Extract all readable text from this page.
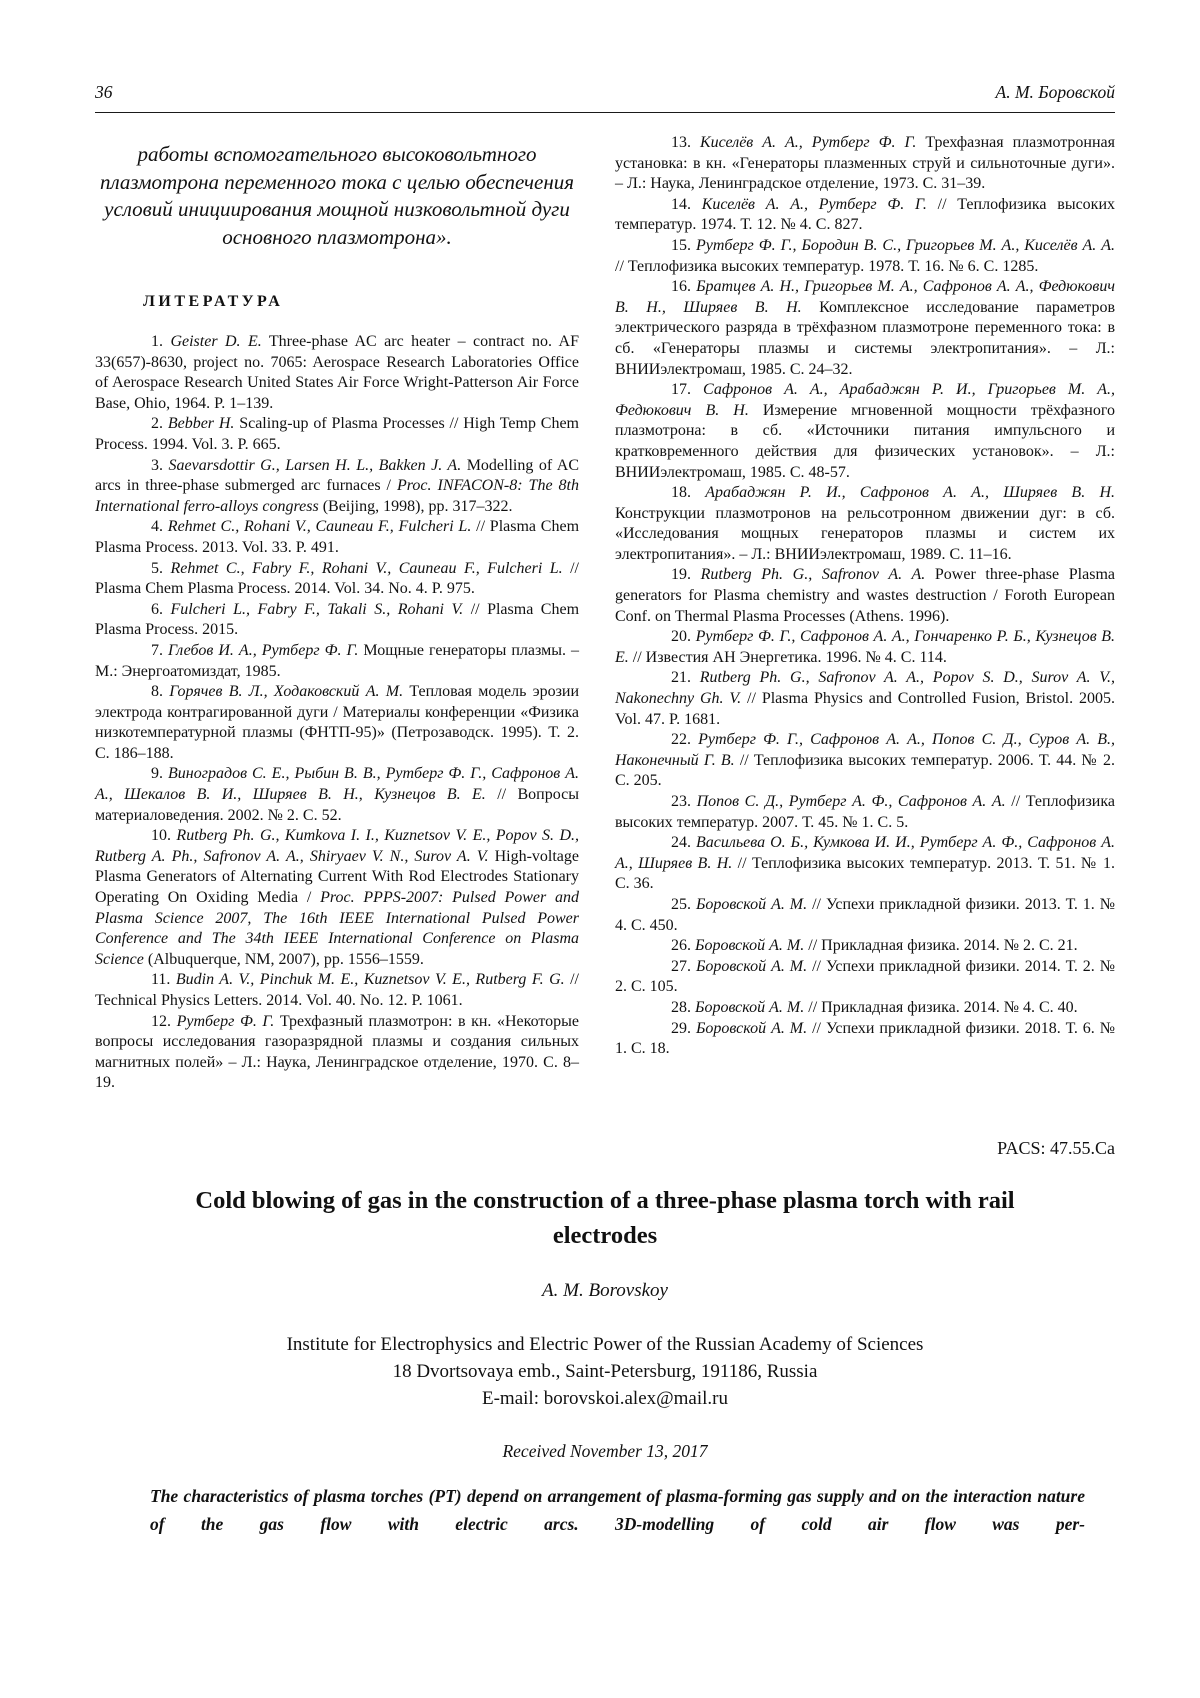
36	А. М. Боровской

работы вспомогательного высоковольтного плазмотрона переменного тока с целью обеспечения условий инициирования мощной низковольтной дуги основного плазмотрона».

ЛИТЕРАТУРА

1. Geister D. E. Three-phase AC arc heater – contract no. AF 33(657)-8630, project no. 7065: Aerospace Research Laboratories Office of Aerospace Research United States Air Force Wright-Patterson Air Force Base, Ohio, 1964. P. 1–139.

2. Bebber H. Scaling-up of Plasma Processes // High Temp Chem Process. 1994. Vol. 3. P. 665.

3. Saevarsdottir G., Larsen H. L., Bakken J. A. Modelling of AC arcs in three-phase submerged arc furnaces / Proc. INFACON-8: The 8th International ferro-alloys congress (Beijing, 1998), pp. 317–322.

4. Rehmet C., Rohani V., Cauneau F., Fulcheri L. // Plasma Chem Plasma Process. 2013. Vol. 33. P. 491.

5. Rehmet C., Fabry F., Rohani V., Cauneau F., Fulcheri L. // Plasma Chem Plasma Process. 2014. Vol. 34. No. 4. P. 975.

6. Fulcheri L., Fabry F., Takali S., Rohani V. // Plasma Chem Plasma Process. 2015.

7. Глебов И. А., Рутберг Ф. Г. Мощные генераторы плазмы. – М.: Энергоатомиздат, 1985.

8. Горячев В. Л., Ходаковский А. М. Тепловая модель эрозии электрода контрагированной дуги / Материалы конференции «Физика низкотемпературной плазмы (ФНТП-95)» (Петрозаводск. 1995). Т. 2. С. 186–188.

9. Виноградов С. Е., Рыбин В. В., Рутберг Ф. Г., Сафронов А. А., Шекалов В. И., Ширяев В. Н., Кузнецов В. Е. // Вопросы материаловедения. 2002. № 2. С. 52.

10. Rutberg Ph. G., Kumkova I. I., Kuznetsov V. E., Popov S. D., Rutberg A. Ph., Safronov A. A., Shiryaev V. N., Surov A. V. High-voltage Plasma Generators of Alternating Current With Rod Electrodes Stationary Operating On Oxiding Media / Proc. PPPS-2007: Pulsed Power and Plasma Science 2007, The 16th IEEE International Pulsed Power Conference and The 34th IEEE International Conference on Plasma Science (Albuquerque, NM, 2007), pp. 1556–1559.

11. Budin A. V., Pinchuk M. E., Kuznetsov V. E., Rutberg F. G. // Technical Physics Letters. 2014. Vol. 40. No. 12. P. 1061.

12. Рутберг Ф. Г. Трехфазный плазмотрон: в кн. «Некоторые вопросы исследования газоразрядной плазмы и создания сильных магнитных полей» – Л.: Наука, Ленинградское отделение, 1970. С. 8–19.

13. Киселёв А. А., Рутберг Ф. Г. Трехфазная плазмотронная установка: в кн. «Генераторы плазменных струй и сильноточные дуги». – Л.: Наука, Ленинградское отделение, 1973. С. 31–39.

14. Киселёв А. А., Рутберг Ф. Г. // Теплофизика высоких температур. 1974. Т. 12. № 4. С. 827.

15. Рутберг Ф. Г., Бородин В. С., Григорьев М. А., Киселёв А. А. // Теплофизика высоких температур. 1978. Т. 16. № 6. С. 1285.

16. Братцев А. Н., Григорьев М. А., Сафронов А. А., Федюкович В. Н., Ширяев В. Н. Комплексное исследование параметров электрического разряда в трёхфазном плазмотроне переменного тока: в сб. «Генераторы плазмы и системы электропитания». – Л.: ВНИИэлектромаш, 1985. С. 24–32.

17. Сафронов А. А., Арабаджян Р. И., Григорьев М. А., Федюкович В. Н. Измерение мгновенной мощности трёхфазного плазмотрона: в сб. «Источники питания импульсного и кратковременного действия для физических установок». – Л.: ВНИИэлектромаш, 1985. С. 48-57.

18. Арабаджян Р. И., Сафронов А. А., Ширяев В. Н. Конструкции плазмотронов на рельсотронном движении дуг: в сб. «Исследования мощных генераторов плазмы и систем их электропитания». – Л.: ВНИИэлектромаш, 1989. С. 11–16.

19. Rutberg Ph. G., Safronov A. A. Power three-phase Plasma generators for Plasma chemistry and wastes destruction / Foroth European Conf. on Thermal Plasma Processes (Athens. 1996).

20. Рутберг Ф. Г., Сафронов А. А., Гончаренко Р. Б., Кузнецов В. Е. // Известия АН Энергетика. 1996. № 4. С. 114.

21. Rutberg Ph. G., Safronov A. A., Popov S. D., Surov A. V., Nakonechny Gh. V. // Plasma Physics and Controlled Fusion, Bristol. 2005. Vol. 47. P. 1681.

22. Рутберг Ф. Г., Сафронов А. А., Попов С. Д., Суров А. В., Наконечный Г. В. // Теплофизика высоких температур. 2006. Т. 44. № 2. С. 205.

23. Попов С. Д., Рутберг А. Ф., Сафронов А. А. // Теплофизика высоких температур. 2007. Т. 45. № 1. С. 5.

24. Васильева О. Б., Кумкова И. И., Рутберг А. Ф., Сафронов А. А., Ширяев В. Н. // Теплофизика высоких температур. 2013. Т. 51. № 1. С. 36.

25. Боровской А. М. // Успехи прикладной физики. 2013. Т. 1. № 4. С. 450.

26. Боровской А. М. // Прикладная физика. 2014. № 2. С. 21.

27. Боровской А. М. // Успехи прикладной физики. 2014. Т. 2. № 2. С. 105.

28. Боровской А. М. // Прикладная физика. 2014. № 4. С. 40.

29. Боровской А. М. // Успехи прикладной физики. 2018. Т. 6. № 1. С. 18.

PACS: 47.55.Ca

Cold blowing of gas in the construction of a three-phase plasma torch with rail electrodes

A. M. Borovskoy

Institute for Electrophysics and Electric Power of the Russian Academy of Sciences
18 Dvortsovaya emb., Saint-Petersburg, 191186, Russia
E-mail: borovskoi.alex@mail.ru

Received November 13, 2017

The characteristics of plasma torches (PT) depend on arrangement of plasma-forming gas supply and on the interaction nature of the gas flow with electric arcs. 3D-modelling of cold air flow was per-
